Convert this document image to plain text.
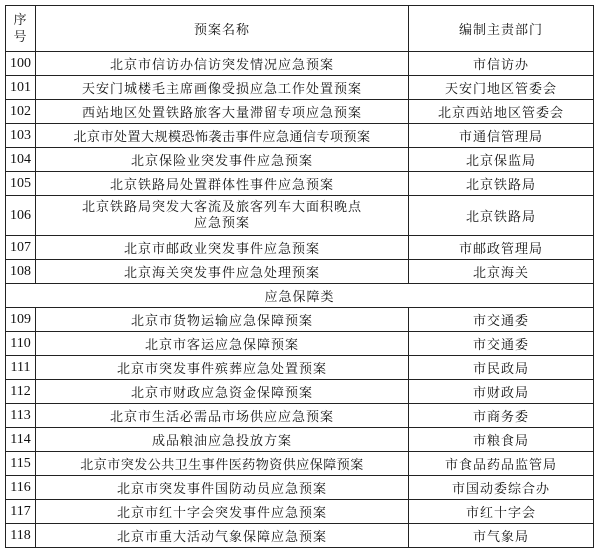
序
号	预案名称	编制主责部门
100	北京市信访办信访突发情况应急预案	市信访办
101	天安门城楼毛主席画像受损应急工作处置预案	天安门地区管委会
102	西站地区处置铁路旅客大量滞留专项应急预案	北京西站地区管委会
103	北京市处置大规模恐怖袭击事件应急通信专项预案	市通信管理局
104	北京保险业突发事件应急预案	北京保监局
105	北京铁路局处置群体性事件应急预案	北京铁路局
106	北京铁路局突发大客流及旅客列车大面积晚点应急预案	北京铁路局
107	北京市邮政业突发事件应急预案	市邮政管理局
108	北京海关突发事件应急处理预案	北京海关
应急保障类		
109	北京市货物运输应急保障预案	市交通委
110	北京市客运应急保障预案	市交通委
111	北京市突发事件殡葬应急处置预案	市民政局
112	北京市财政应急资金保障预案	市财政局
113	北京市生活必需品市场供应应急预案	市商务委
114	成品粮油应急投放方案	市粮食局
115	北京市突发公共卫生事件医药物资供应保障预案	市食品药品监管局
116	北京市突发事件国防动员应急预案	市国动委综合办
117	北京市红十字会突发事件应急预案	市红十字会
118	北京市重大活动气象保障应急预案	市气象局
